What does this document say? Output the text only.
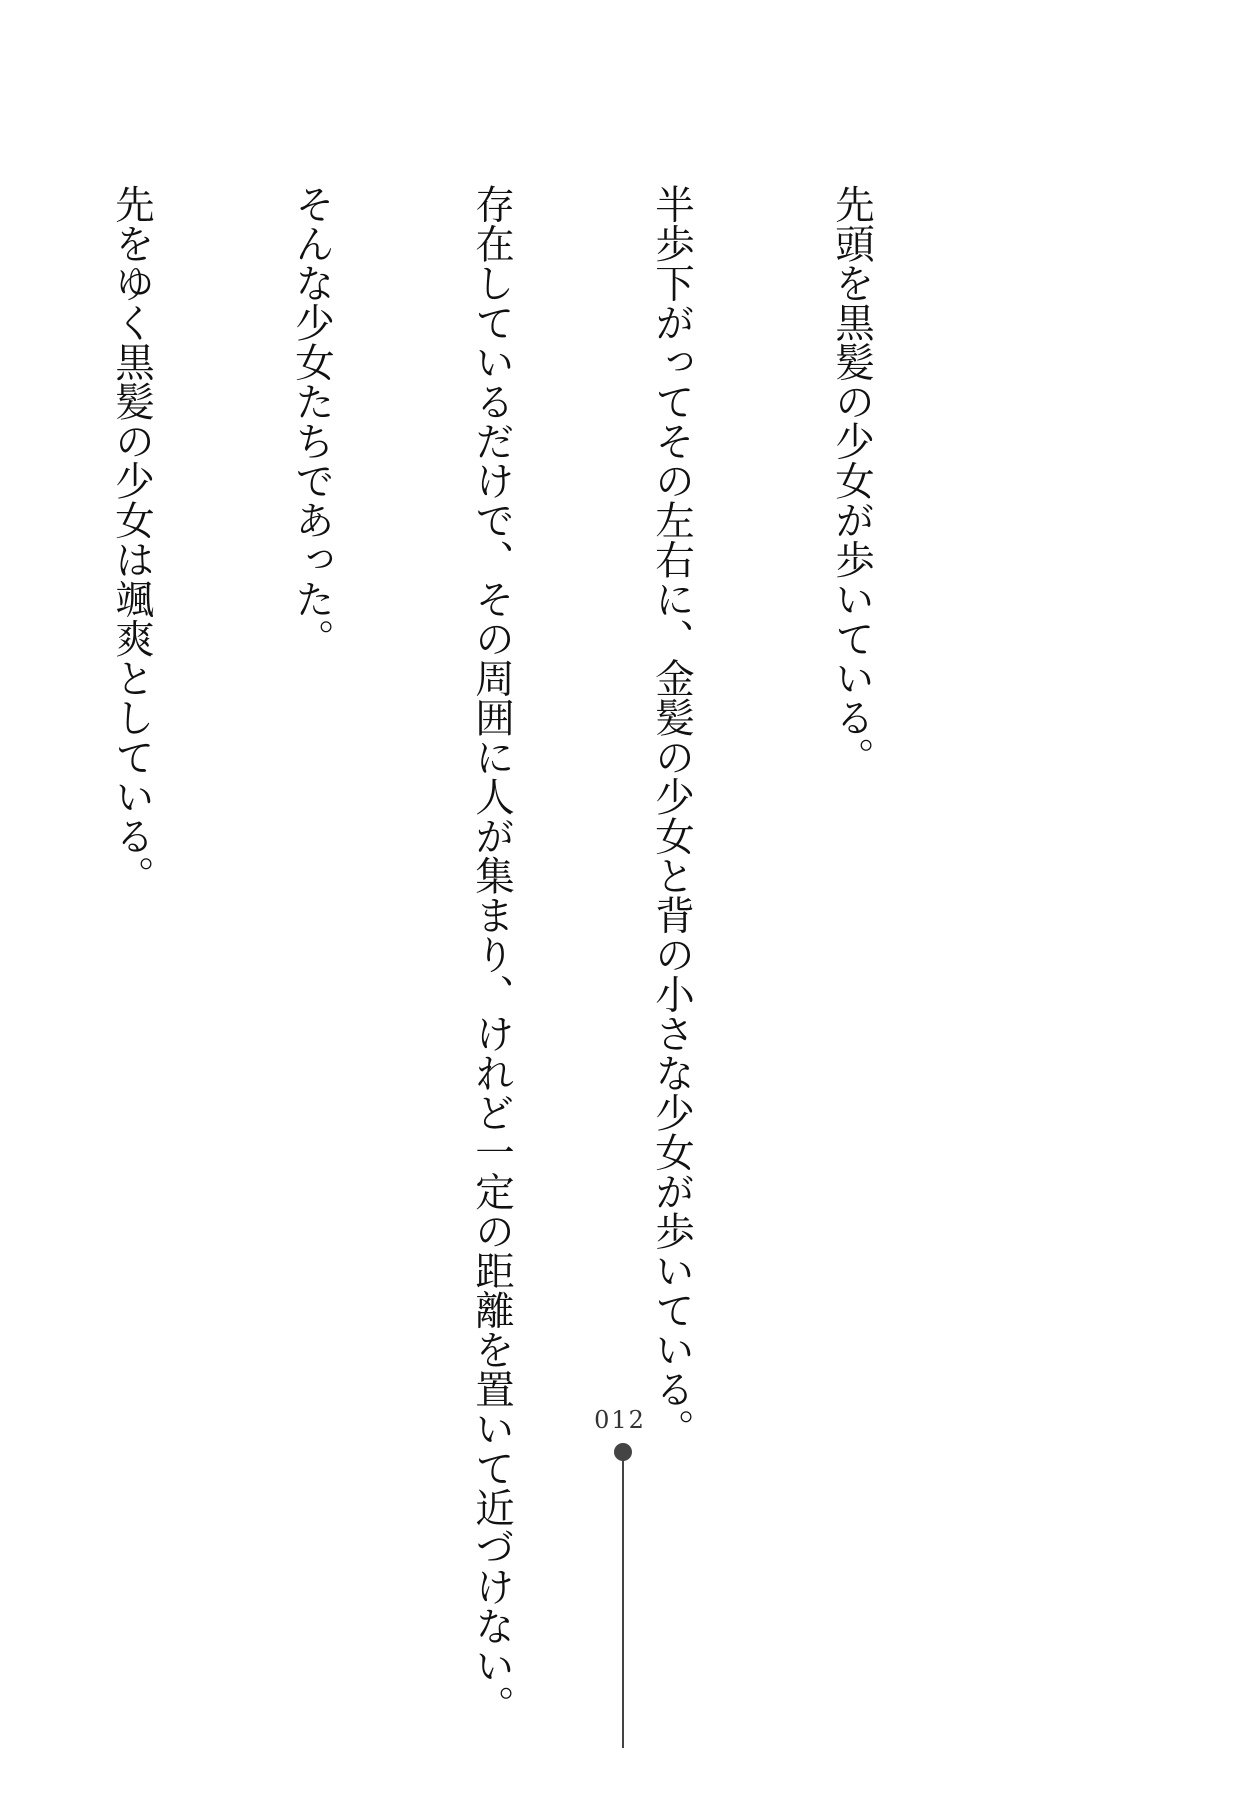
先頭を黒髪の少女が歩いている。

半歩下がってその左右に、金髪の少女と背の小さな少女が歩いている。

存在しているだけで、その周囲に人が集まり、けれど一定の距離を置いて近づけない。

そんな少女たちであった。

先をゆく黒髪の少女は颯爽としている。

012
